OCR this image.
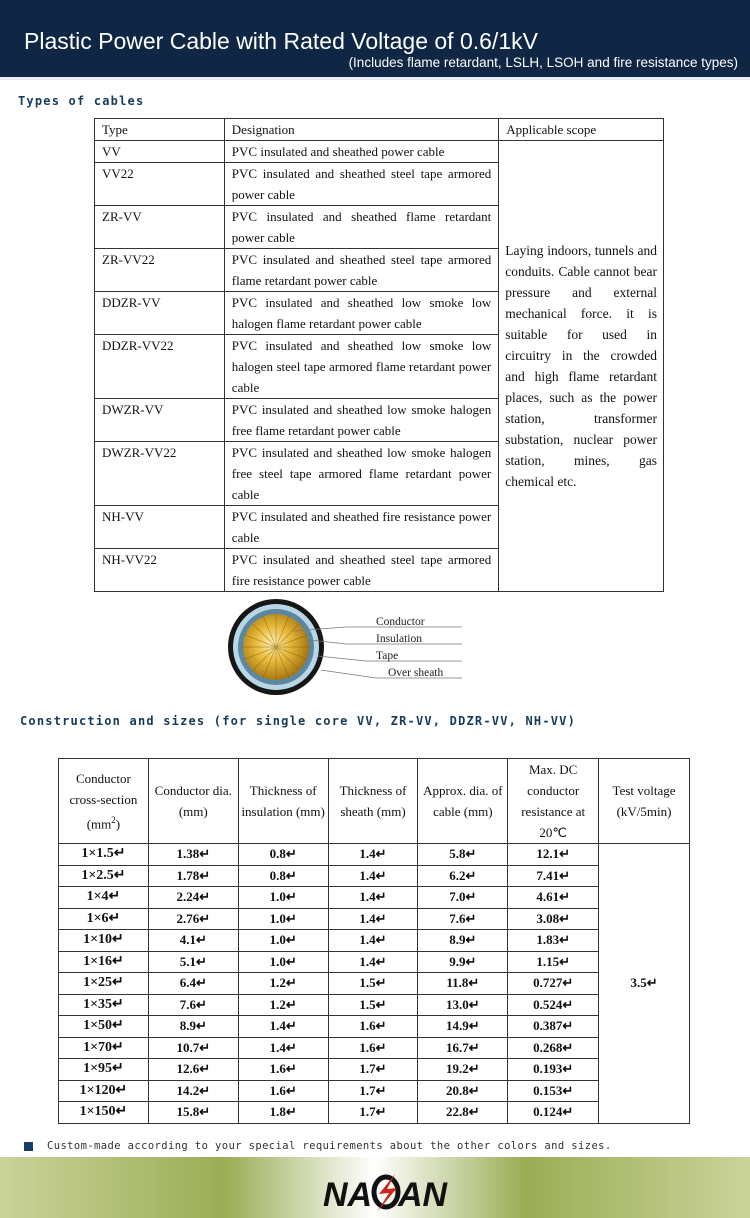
Plastic Power Cable with Rated Voltage of 0.6/1kV
(Includes flame retardant, LSLH, LSOH and fire resistance types)
Types of cables
Type	Designation	Applicable scope
VV	PVC insulated and sheathed power cable	Laying indoors, tunnels and conduits. Cable cannot bear pressure and external mechanical force. it is suitable for used in circuitry in the crowded and high flame retardant places, such as the power station, transformer substation, nuclear power station, mines, gas chemical etc.
VV22	PVC insulated and sheathed steel tape armored power cable	
ZR-VV	PVC insulated and sheathed flame retardant power cable	
ZR-VV22	PVC insulated and sheathed steel tape armored flame retardant power cable	
DDZR-VV	PVC insulated and sheathed low smoke low halogen flame retardant power cable	
DDZR-VV22	PVC insulated and sheathed low smoke low halogen steel tape armored flame retardant power cable	
DWZR-VV	PVC insulated and sheathed low smoke halogen free flame retardant power cable	
DWZR-VV22	PVC insulated and sheathed low smoke halogen free steel tape armored flame retardant power cable	
NH-VV	PVC insulated and sheathed fire resistance power cable	
NH-VV22	PVC insulated and sheathed steel tape armored fire resistance power cable	
Conductor
Insulation
Tape
Over sheath
Construction and sizes (for single core VV, ZR-VV, DDZR-VV, NH-VV)
Conductor cross-section
$(mm^2)$	Conductor dia. (mm)	Thickness of insulation (mm)	Thickness of sheath (mm)	Approx. dia. of cable (mm)	Max. DC conductor resistance at 20℃	Test voltage (kV/5min)
1×1.5↵	1.38↵	0.8↵	1.4↵	5.8↵	12.1↵	3.5↵
1×2.5↵	1.78↵	0.8↵	1.4↵	6.2↵	7.41↵	
1×4↵	2.24↵	1.0↵	1.4↵	7.0↵	4.61↵	
1×6↵	2.76↵	1.0↵	1.4↵	7.6↵	3.08↵	
1×10↵	4.1↵	1.0↵	1.4↵	8.9↵	1.83↵	
1×16↵	5.1↵	1.0↵	1.4↵	9.9↵	1.15↵	
1×25↵	6.4↵	1.2↵	1.5↵	11.8↵	0.727↵	
1×35↵	7.6↵	1.2↵	1.5↵	13.0↵	0.524↵	
1×50↵	8.9↵	1.4↵	1.6↵	14.9↵	0.387↵	
1×70↵	10.7↵	1.4↵	1.6↵	16.7↵	0.268↵	
1×95↵	12.6↵	1.6↵	1.7↵	19.2↵	0.193↵	
1×120↵	14.2↵	1.6↵	1.7↵	20.8↵	0.153↵	
1×150↵	15.8↵	1.8↵	1.7↵	22.8↵	0.124↵	
Custom-made according to your special requirements about the other colors and sizes.
NA AN
